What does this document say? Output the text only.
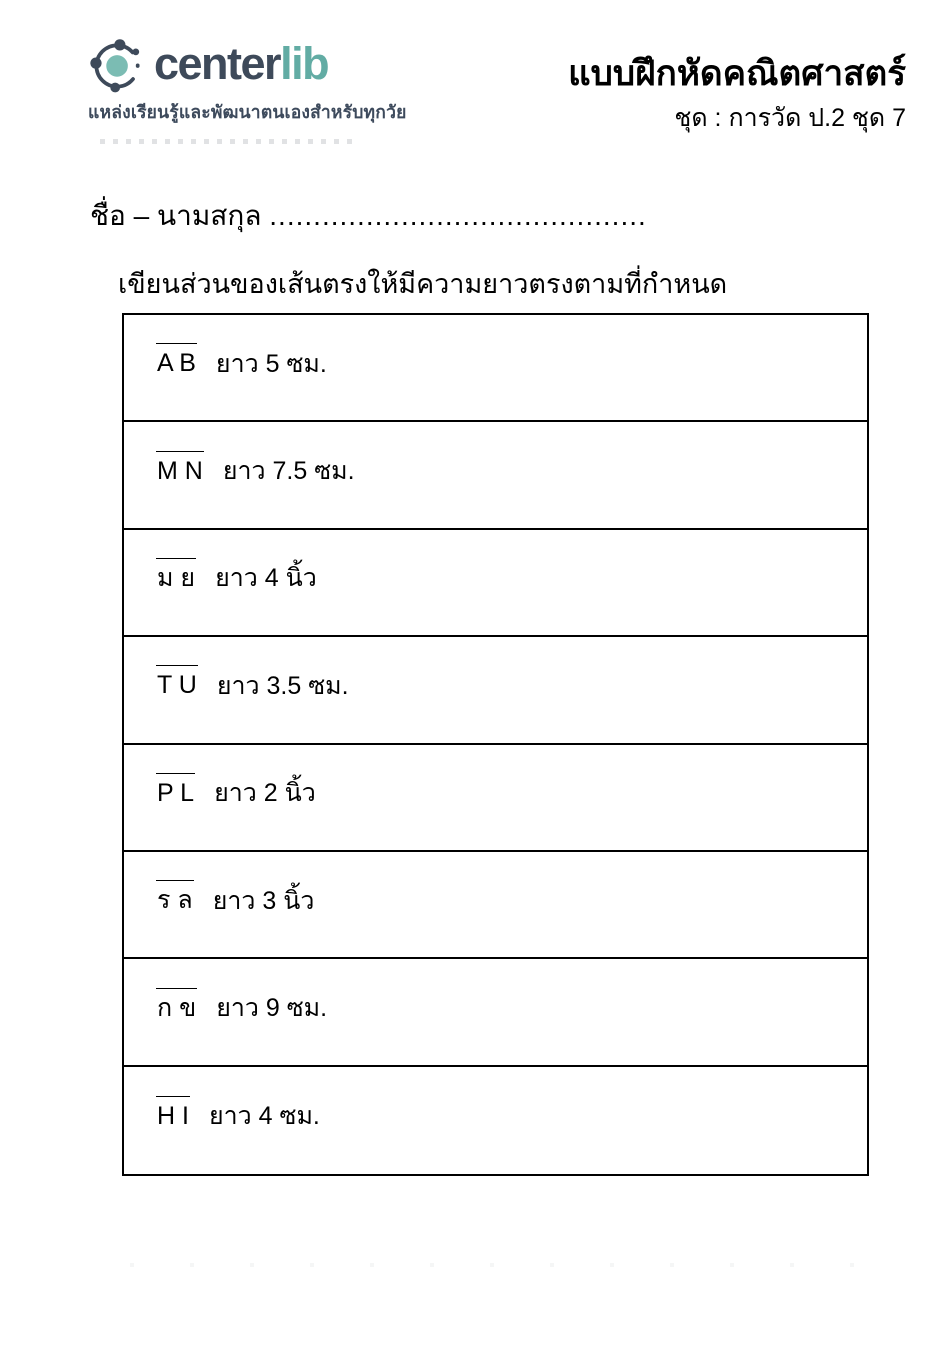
centerlib
แหล่งเรียนรู้และพัฒนาตนเองสำหรับทุกวัย
แบบฝึกหัดคณิตศาสตร์
ชุด : การวัด ป.2 ชุด 7
ชื่อ – นามสกุล ...........................................
เขียนส่วนของเส้นตรงให้มีความยาวตรงตามที่กำหนด
A B ยาว 5 ซม.
M N ยาว 7.5 ซม.
ม ย ยาว 4 นิ้ว
T U ยาว 3.5 ซม.
P L ยาว 2 นิ้ว
ร ล ยาว 3 นิ้ว
ก ข ยาว 9 ซม.
H I ยาว 4 ซม.
